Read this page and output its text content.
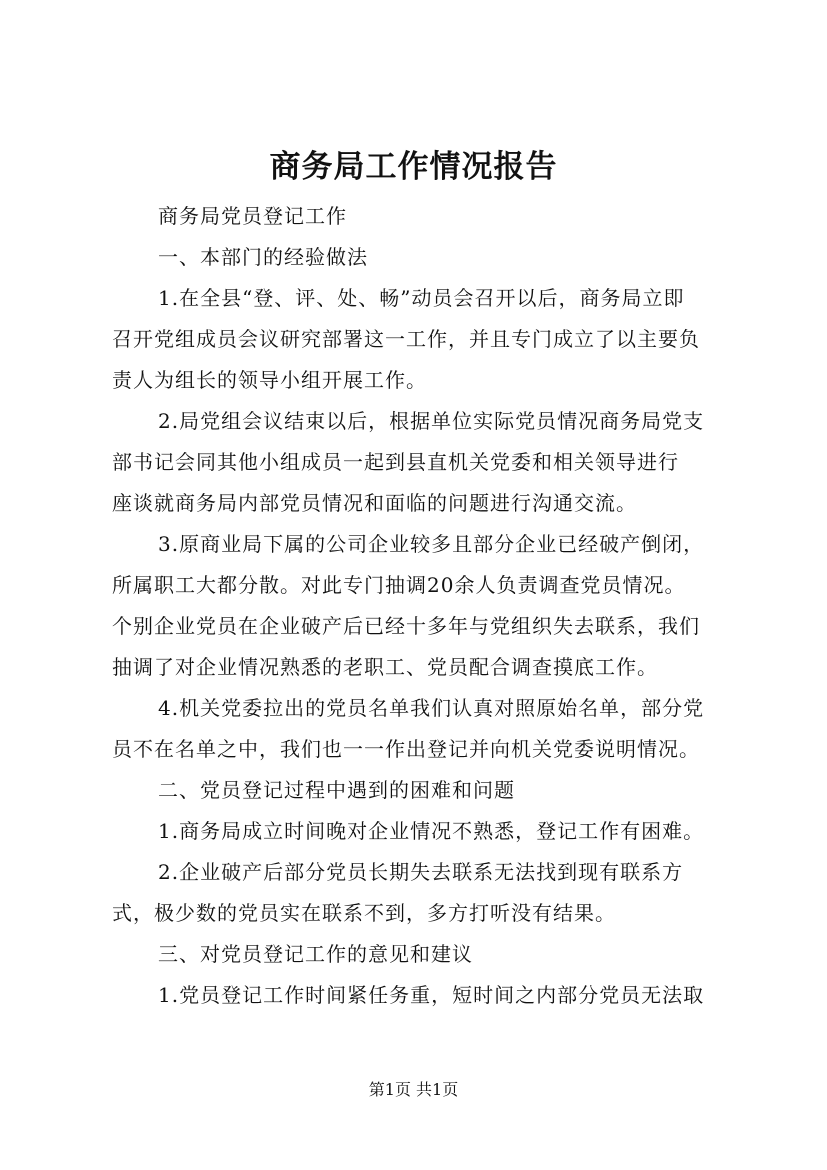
商务局工作情况报告
商务局党员登记工作
一、本部门的经验做法
1.在全县“登、评、处、畅”动员会召开以后，商务局立即
召开党组成员会议研究部署这一工作，并且专门成立了以主要负
责人为组长的领导小组开展工作。
2.局党组会议结束以后，根据单位实际党员情况商务局党支
部书记会同其他小组成员一起到县直机关党委和相关领导进行
座谈就商务局内部党员情况和面临的问题进行沟通交流。
3.原商业局下属的公司企业较多且部分企业已经破产倒闭，
所属职工大都分散。对此专门抽调20余人负责调查党员情况。
个别企业党员在企业破产后已经十多年与党组织失去联系，我们
抽调了对企业情况熟悉的老职工、党员配合调查摸底工作。
4.机关党委拉出的党员名单我们认真对照原始名单，部分党
员不在名单之中，我们也一一作出登记并向机关党委说明情况。
二、党员登记过程中遇到的困难和问题
1.商务局成立时间晚对企业情况不熟悉，登记工作有困难。
2.企业破产后部分党员长期失去联系无法找到现有联系方
式，极少数的党员实在联系不到，多方打听没有结果。
三、对党员登记工作的意见和建议
1.党员登记工作时间紧任务重，短时间之内部分党员无法取
第1页 共1页
